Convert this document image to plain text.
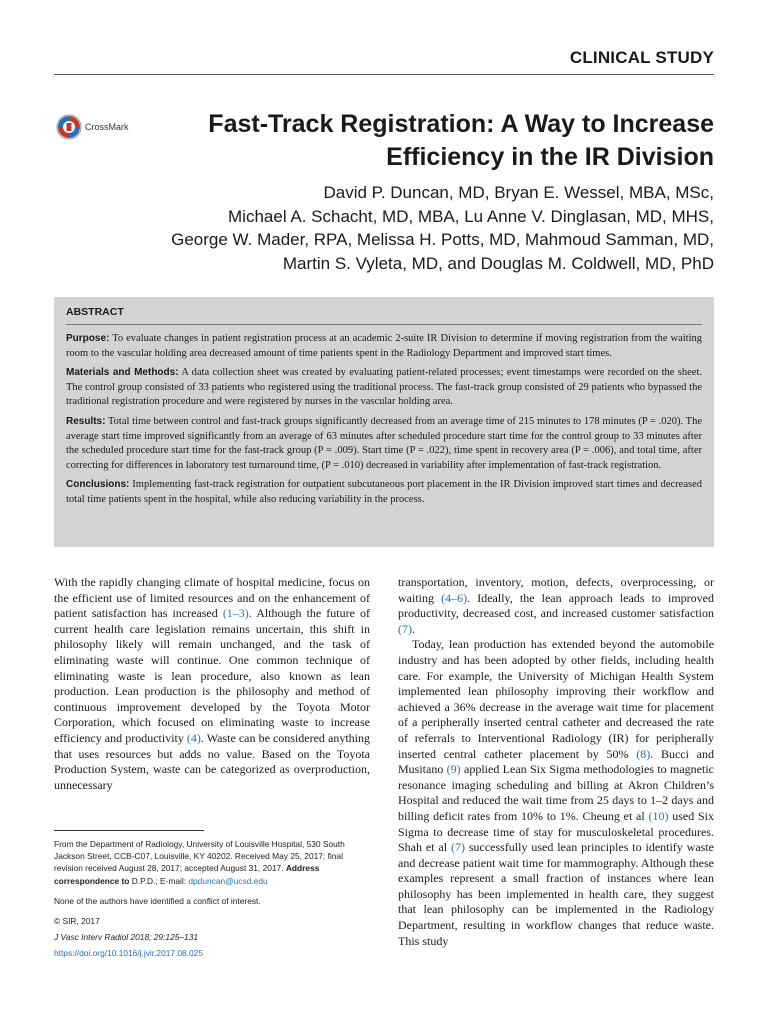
CLINICAL STUDY
CrossMark	Fast-Track Registration: A Way to Increase Efficiency in the IR Division
David P. Duncan, MD, Bryan E. Wessel, MBA, MSc,
Michael A. Schacht, MD, MBA, Lu Anne V. Dinglasan, MD, MHS,
George W. Mader, RPA, Melissa H. Potts, MD, Mahmoud Samman, MD,
Martin S. Vyleta, MD, and Douglas M. Coldwell, MD, PhD
ABSTRACT

Purpose: To evaluate changes in patient registration process at an academic 2-suite IR Division to determine if moving registration from the waiting room to the vascular holding area decreased amount of time patients spent in the Radiology Department and improved start times.

Materials and Methods: A data collection sheet was created by evaluating patient-related processes; event timestamps were recorded on the sheet. The control group consisted of 33 patients who registered using the traditional process. The fast-track group consisted of 29 patients who bypassed the traditional registration procedure and were registered by nurses in the vascular holding area.

Results: Total time between control and fast-track groups significantly decreased from an average time of 215 minutes to 178 minutes (P = .020). The average start time improved significantly from an average of 63 minutes after scheduled procedure start time for the control group to 33 minutes after the scheduled procedure start time for the fast-track group (P = .009). Start time (P = .022), time spent in recovery area (P = .006), and total time, after correcting for differences in laboratory test turnaround time, (P = .010) decreased in variability after implementation of fast-track registration.

Conclusions: Implementing fast-track registration for outpatient subcutaneous port placement in the IR Division improved start times and decreased total time patients spent in the hospital, while also reducing variability in the process.

With the rapidly changing climate of hospital medicine, focus on the efficient use of limited resources and on the enhancement of patient satisfaction has increased (1–3). Although the future of current health care legislation remains uncertain, this shift in philosophy likely will remain unchanged, and the task of eliminating waste will continue. One common technique of eliminating waste is lean procedure, also known as lean production. Lean production is the philosophy and method of continuous improvement developed by the Toyota Motor Corporation, which focused on eliminating waste to increase efficiency and productivity (4). Waste can be considered anything that uses resources but adds no value. Based on the Toyota Production System, waste can be categorized as overproduction, unnecessary

From the Department of Radiology, University of Louisville Hospital, 530 South Jackson Street, CCB-C07, Louisville, KY 40202. Received May 25, 2017; final revision received August 28, 2017; accepted August 31, 2017. Address correspondence to D.P.D.; E-mail: dpduncan@ucsd.edu
None of the authors have identified a conflict of interest.
© SIR, 2017
J Vasc Interv Radiol 2018; 29:125–131
https://doi.org/10.1016/j.jvir.2017.08.025

transportation, inventory, motion, defects, overprocessing, or waiting (4–6). Ideally, the lean approach leads to improved productivity, decreased cost, and increased customer satisfaction (7).

Today, lean production has extended beyond the automobile industry and has been adopted by other fields, including health care. For example, the University of Michigan Health System implemented lean philosophy improving their workflow and achieved a 36% decrease in the average wait time for placement of a peripherally inserted central catheter and decreased the rate of referrals to Interventional Radiology (IR) for peripherally inserted central catheter placement by 50% (8). Bucci and Musitano (9) applied Lean Six Sigma methodologies to magnetic resonance imaging scheduling and billing at Akron Children’s Hospital and reduced the wait time from 25 days to 1–2 days and billing deficit rates from 10% to 1%. Cheung et al (10) used Six Sigma to decrease time of stay for musculoskeletal procedures. Shah et al (7) successfully used lean principles to identify waste and decrease patient wait time for mammography. Although these examples represent a small fraction of instances where lean philosophy has been implemented in health care, they suggest that lean philosophy can be implemented in the Radiology Department, resulting in workflow changes that reduce waste. This study
